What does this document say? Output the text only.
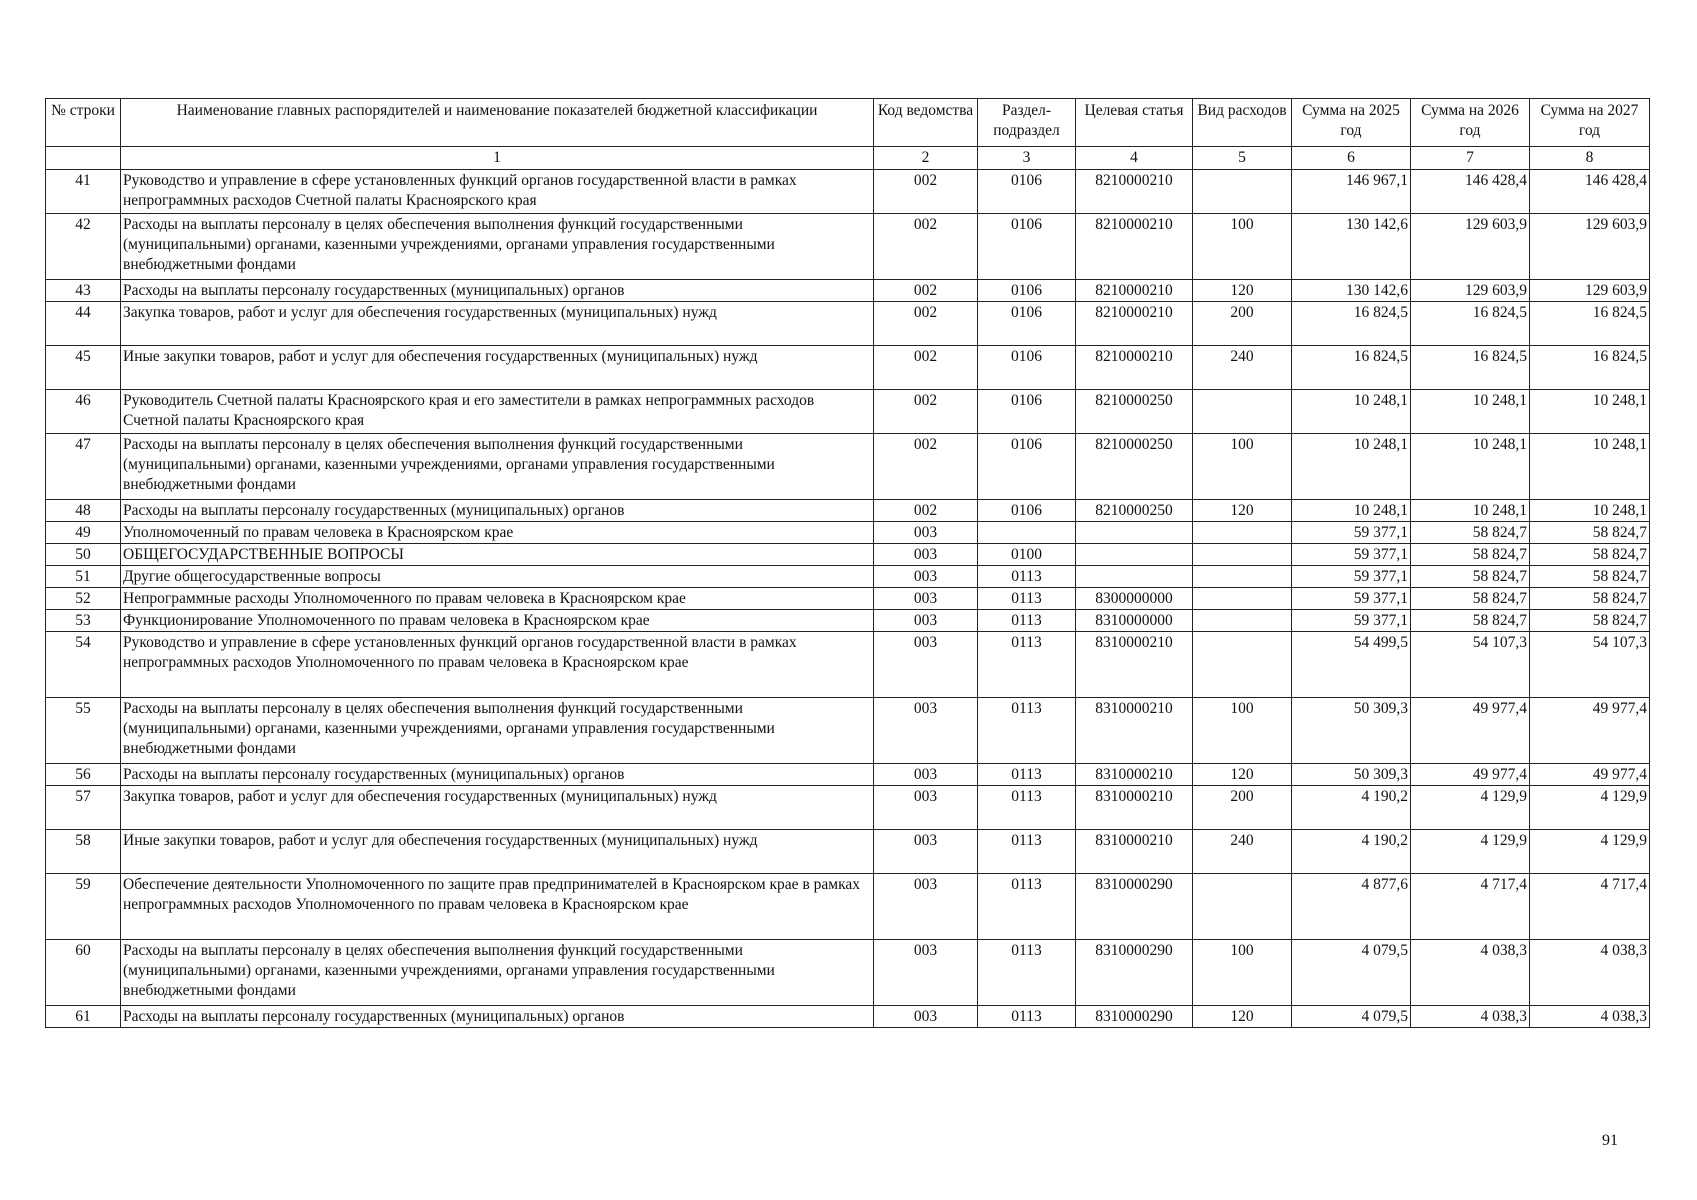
№ строки	Наименование главных распорядителей и наименование показателей бюджетной классификации	Код ведомства	Раздел-подраздел	Целевая статья	Вид расходов	Сумма на 2025 год	Сумма на 2026 год	Сумма на 2027 год
	1	2	3	4	5	6	7	8
41	Руководство и управление в сфере установленных функций органов государственной власти в рамках непрограммных расходов Счетной палаты Красноярского края	002	0106	8210000210		146 967,1	146 428,4	146 428,4
42	Расходы на выплаты персоналу в целях обеспечения выполнения функций государственными (муниципальными) органами, казенными учреждениями, органами управления государственными внебюджетными фондами	002	0106	8210000210	100	130 142,6	129 603,9	129 603,9
43	Расходы на выплаты персоналу государственных (муниципальных) органов	002	0106	8210000210	120	130 142,6	129 603,9	129 603,9
44	Закупка товаров, работ и услуг для обеспечения государственных (муниципальных) нужд	002	0106	8210000210	200	16 824,5	16 824,5	16 824,5
45	Иные закупки товаров, работ и услуг для обеспечения государственных (муниципальных) нужд	002	0106	8210000210	240	16 824,5	16 824,5	16 824,5
46	Руководитель Счетной палаты Красноярского края и его заместители в рамках непрограммных расходов Счетной палаты Красноярского края	002	0106	8210000250		10 248,1	10 248,1	10 248,1
47	Расходы на выплаты персоналу в целях обеспечения выполнения функций государственными (муниципальными) органами, казенными учреждениями, органами управления государственными внебюджетными фондами	002	0106	8210000250	100	10 248,1	10 248,1	10 248,1
48	Расходы на выплаты персоналу государственных (муниципальных) органов	002	0106	8210000250	120	10 248,1	10 248,1	10 248,1
49	Уполномоченный по правам человека в Красноярском крае	003				59 377,1	58 824,7	58 824,7
50	ОБЩЕГОСУДАРСТВЕННЫЕ ВОПРОСЫ	003	0100			59 377,1	58 824,7	58 824,7
51	Другие общегосударственные вопросы	003	0113			59 377,1	58 824,7	58 824,7
52	Непрограммные расходы Уполномоченного по правам человека в Красноярском крае	003	0113	8300000000		59 377,1	58 824,7	58 824,7
53	Функционирование Уполномоченного по правам человека в Красноярском крае	003	0113	8310000000		59 377,1	58 824,7	58 824,7
54	Руководство и управление в сфере установленных функций органов государственной власти в рамках непрограммных расходов Уполномоченного по правам человека в Красноярском крае	003	0113	8310000210		54 499,5	54 107,3	54 107,3
55	Расходы на выплаты персоналу в целях обеспечения выполнения функций государственными (муниципальными) органами, казенными учреждениями, органами управления государственными внебюджетными фондами	003	0113	8310000210	100	50 309,3	49 977,4	49 977,4
56	Расходы на выплаты персоналу государственных (муниципальных) органов	003	0113	8310000210	120	50 309,3	49 977,4	49 977,4
57	Закупка товаров, работ и услуг для обеспечения государственных (муниципальных) нужд	003	0113	8310000210	200	4 190,2	4 129,9	4 129,9
58	Иные закупки товаров, работ и услуг для обеспечения государственных (муниципальных) нужд	003	0113	8310000210	240	4 190,2	4 129,9	4 129,9
59	Обеспечение деятельности Уполномоченного по защите прав предпринимателей в Красноярском крае в рамках непрограммных расходов Уполномоченного по правам человека в Красноярском крае	003	0113	8310000290		4 877,6	4 717,4	4 717,4
60	Расходы на выплаты персоналу в целях обеспечения выполнения функций государственными (муниципальными) органами, казенными учреждениями, органами управления государственными внебюджетными фондами	003	0113	8310000290	100	4 079,5	4 038,3	4 038,3
61	Расходы на выплаты персоналу государственных (муниципальных) органов	003	0113	8310000290	120	4 079,5	4 038,3	4 038,3
91
